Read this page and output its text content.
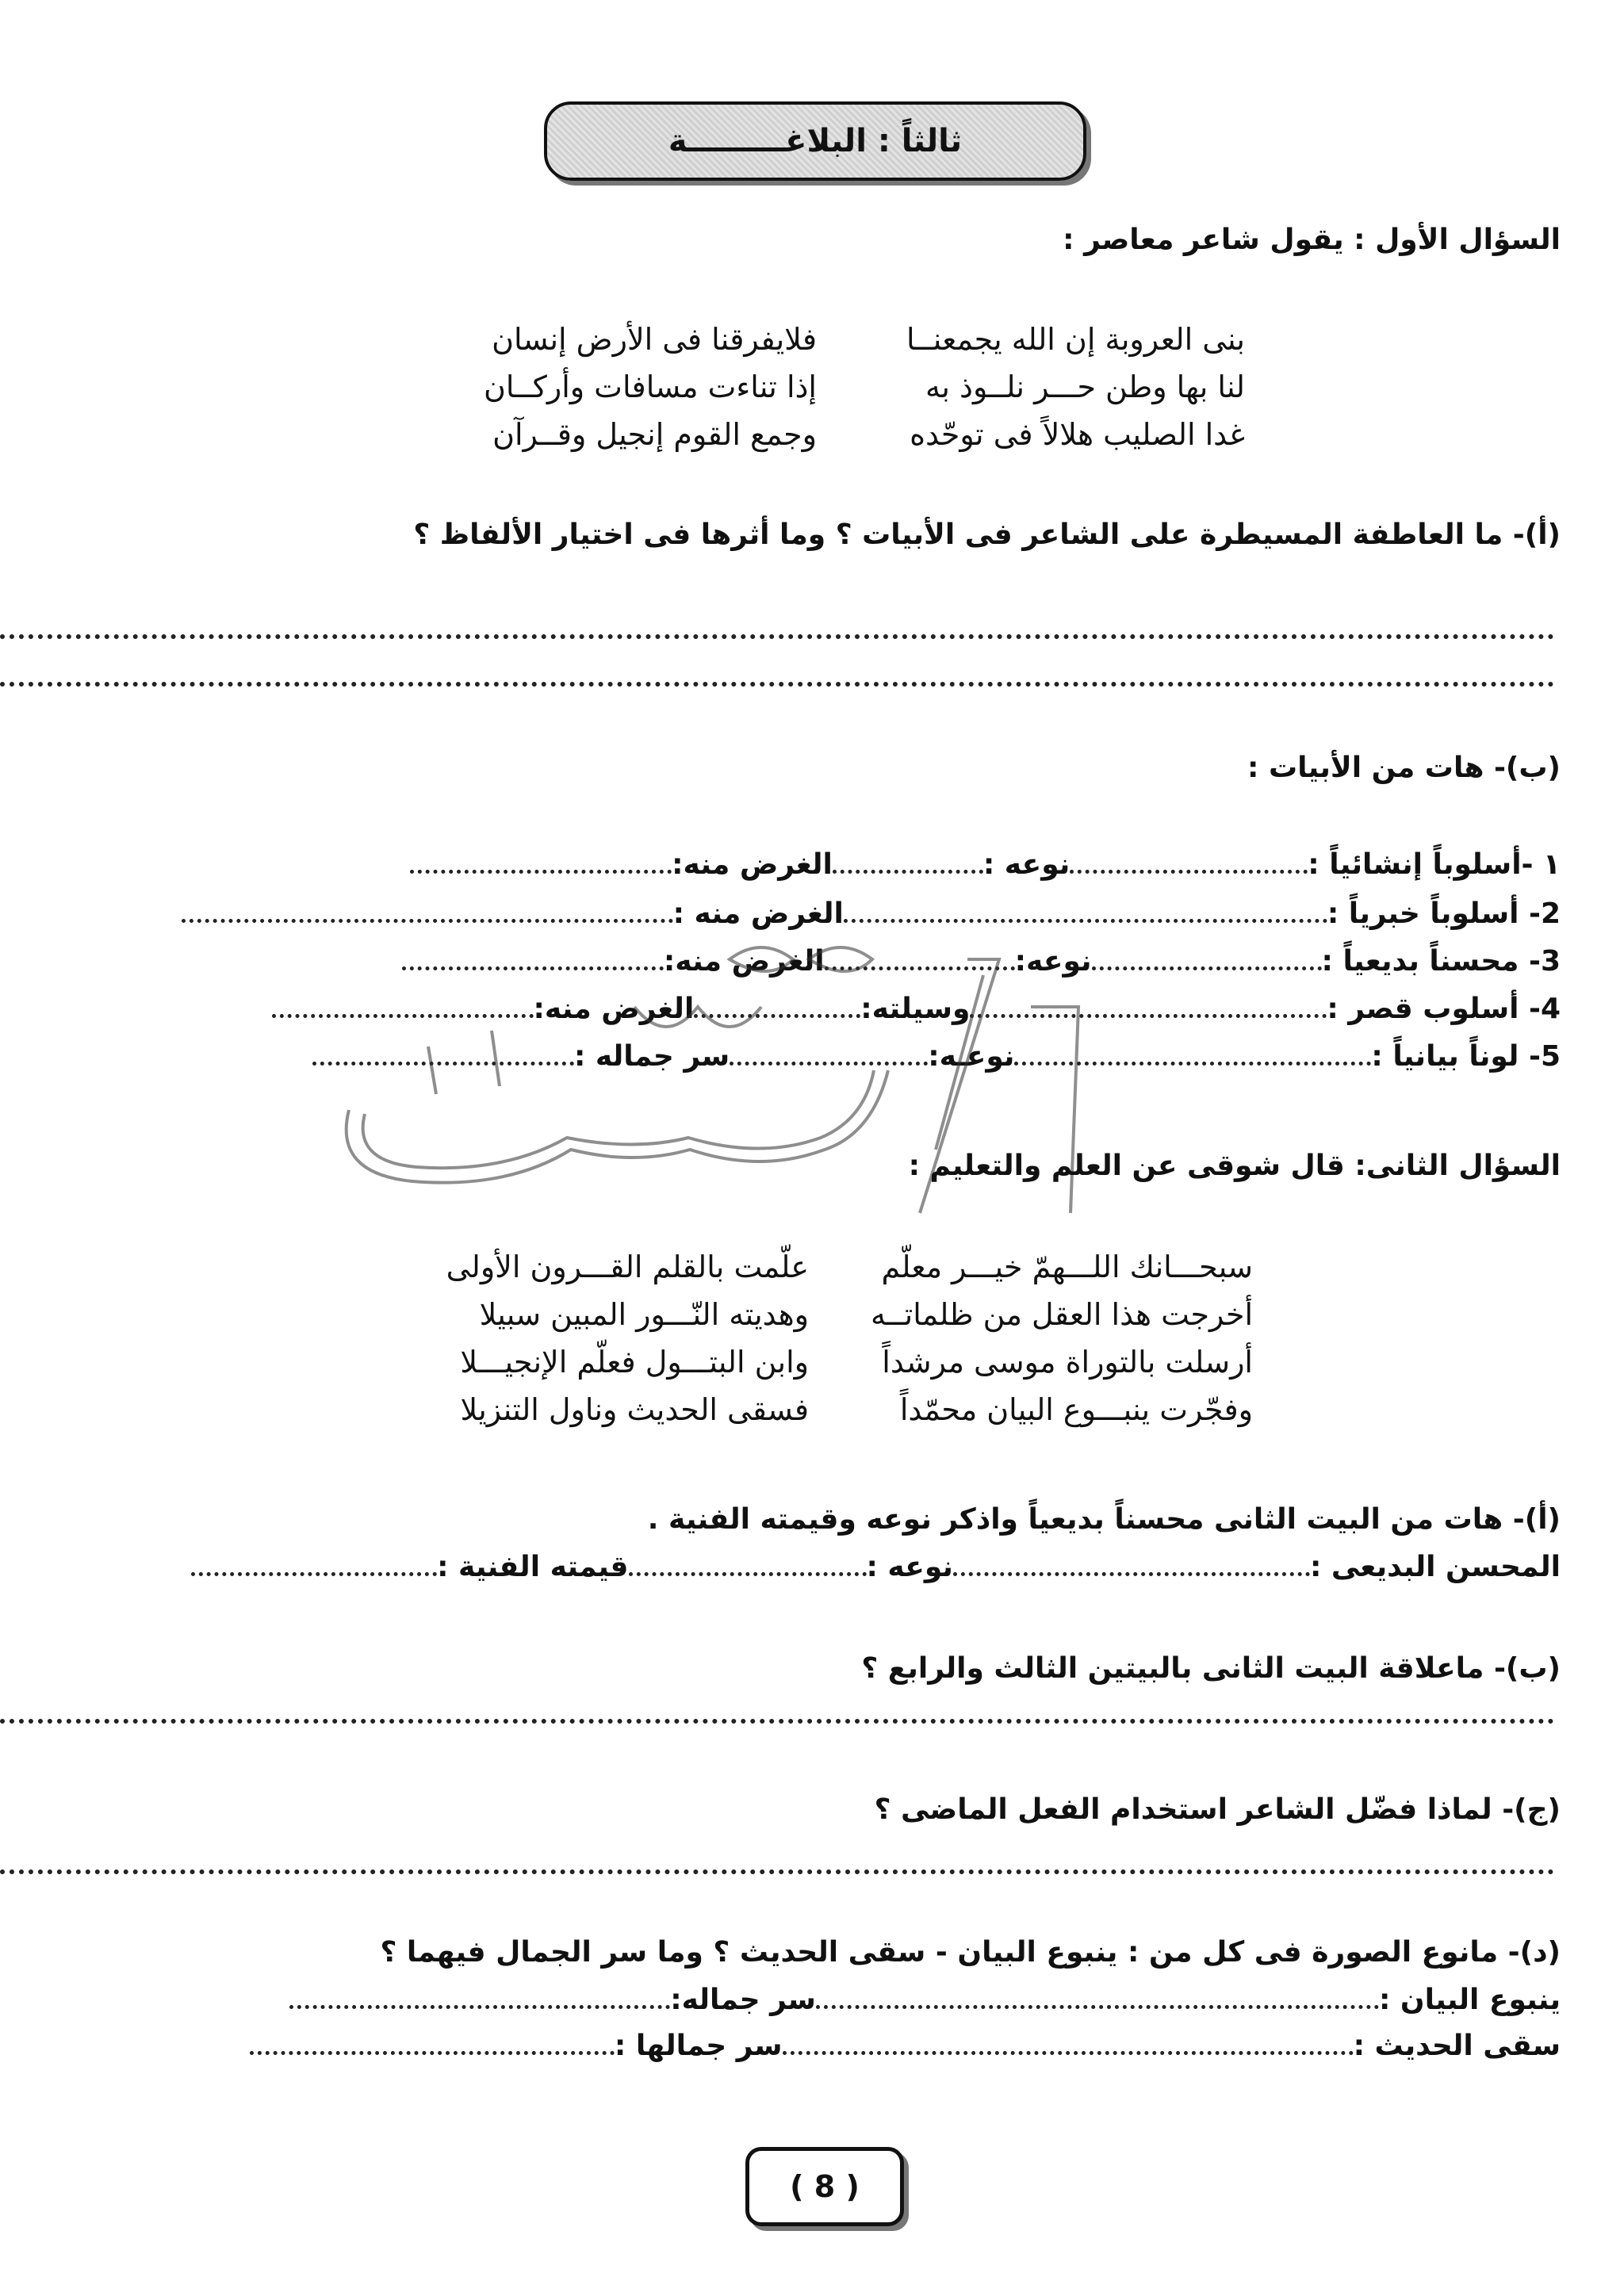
ثالثاً : البلاغـــــــــة
السؤال الأول : يقول شاعر معاصر :
بنى العروبة إن الله يجمعنــا
فلايفرقنا فى الأرض إنسان
لنا بها وطن حـــر نلــوذ به
إذا تناءت مسافات وأركــان
غدا الصليب هلالاً فى توحّده
وجمع القوم إنجيل وقــرآن
(أ)- ما العاطفة المسيطرة على الشاعر فى الأبيات ؟ وما أثرها فى اختيار الألفاظ ؟
(ب)- هات من الأبيات :
١ -أسلوباً إنشائياً :
نوعه :
الغرض منه:
2- أسلوباً خبرياً :
الغرض منه :
3- محسناً بديعياً :
نوعه:
الغرض منه:
4- أسلوب قصر :
وسيلته:
الغرض منه:
5- لوناً بيانياً :
نوعـه:
سر جماله :
السؤال الثانى: قال شوقى عن العلم والتعليم :
سبحـــانك اللـــهمّ خيـــر معلّم
علّمت بالقلم القـــرون الأولى
أخرجت هذا العقل من ظلماتــه
وهديته النّـــور المبين سبيلا
أرسلت بالتوراة موسى مرشداً
وابن البتـــول فعلّم الإنجيـــلا
وفجّرت ينبـــوع البيان محمّداً
فسقى الحديث وناول التنزيلا
(أ)- هات من البيت الثانى محسناً بديعياً واذكر نوعه وقيمته الفنية .
المحسن البديعى :
نوعه :
قيمته الفنية :
(ب)- ماعلاقة البيت الثانى بالبيتين الثالث والرابع ؟
(ج)- لماذا فضّل الشاعر استخدام الفعل الماضى ؟
(د)- مانوع الصورة فى كل من : ينبوع البيان - سقى الحديث ؟ وما سر الجمال فيهما ؟
ينبوع البيان :
سر جماله:
سقى الحديث :
سر جمالها :
( 8 )
